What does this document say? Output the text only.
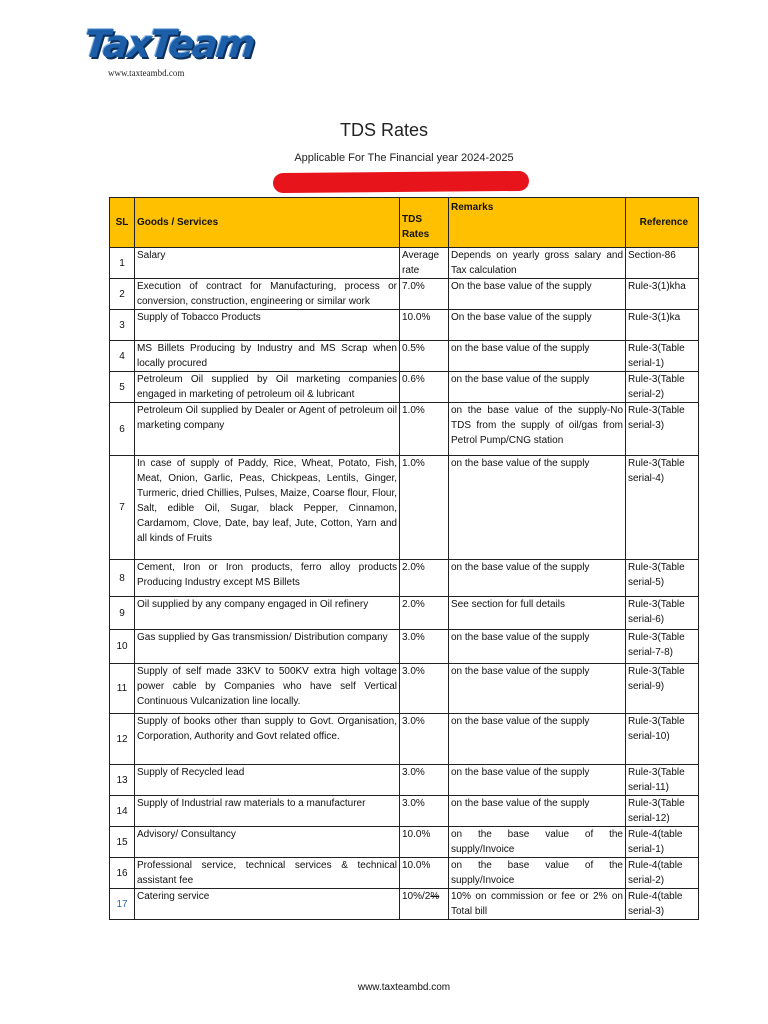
TaxTeam
www.taxteambd.com
TDS Rates
Applicable For The Financial year 2024-2025
SL	Goods / Services	TDS Rates	Remarks	Reference
1	Salary	Average rate	Depends on yearly gross salary and Tax calculation	Section-86
2	Execution of contract for Manufacturing, process or conversion, construction, engineering or similar work	7.0%	On the base value of the supply	Rule-3(1)kha
3	Supply of Tobacco Products	10.0%	On the base value of the supply	Rule-3(1)ka
4	MS Billets Producing by Industry and MS Scrap when locally procured	0.5%	on the base value of the supply	Rule-3(Table serial-1)
5	Petroleum Oil supplied by Oil marketing companies engaged in marketing of petroleum oil & lubricant	0.6%	on the base value of the supply	Rule-3(Table serial-2)
6	Petroleum Oil supplied by Dealer or Agent of petroleum oil marketing company	1.0%	on the base value of the supply-No TDS from the supply of oil/gas from Petrol Pump/CNG station	Rule-3(Table serial-3)
7	In case of supply of Paddy, Rice, Wheat, Potato, Fish, Meat, Onion, Garlic, Peas, Chickpeas, Lentils, Ginger, Turmeric, dried Chillies, Pulses, Maize, Coarse flour, Flour, Salt, edible Oil, Sugar, black Pepper, Cinnamon, Cardamom, Clove, Date, bay leaf, Jute, Cotton, Yarn and all kinds of Fruits	1.0%	on the base value of the supply	Rule-3(Table serial-4)
8	Cement, Iron or Iron products, ferro alloy products Producing Industry except MS Billets	2.0%	on the base value of the supply	Rule-3(Table serial-5)
9	Oil supplied by any company engaged in Oil refinery	2.0%	See section for full details	Rule-3(Table serial-6)
10	Gas supplied by Gas transmission/ Distribution company	3.0%	on the base value of the supply	Rule-3(Table serial-7-8)
11	Supply of self made 33KV to 500KV extra high voltage power cable by Companies who have self Vertical Continuous Vulcanization line locally.	3.0%	on the base value of the supply	Rule-3(Table serial-9)
12	Supply of books other than supply to Govt. Organisation, Corporation, Authority and Govt related office.	3.0%	on the base value of the supply	Rule-3(Table serial-10)
13	Supply of Recycled lead	3.0%	on the base value of the supply	Rule-3(Table serial-11)
14	Supply of Industrial raw materials to a manufacturer	3.0%	on the base value of the supply	Rule-3(Table serial-12)
15	Advisory/ Consultancy	10.0%	on the base value of the supply/Invoice	Rule-4(table serial-1)
16	Professional service, technical services & technical assistant fee	10.0%	on the base value of the supply/Invoice	Rule-4(table serial-2)
17	Catering service	10%/2%	10% on commission or fee or 2% on Total bill	Rule-4(table serial-3)
www.taxteambd.com
